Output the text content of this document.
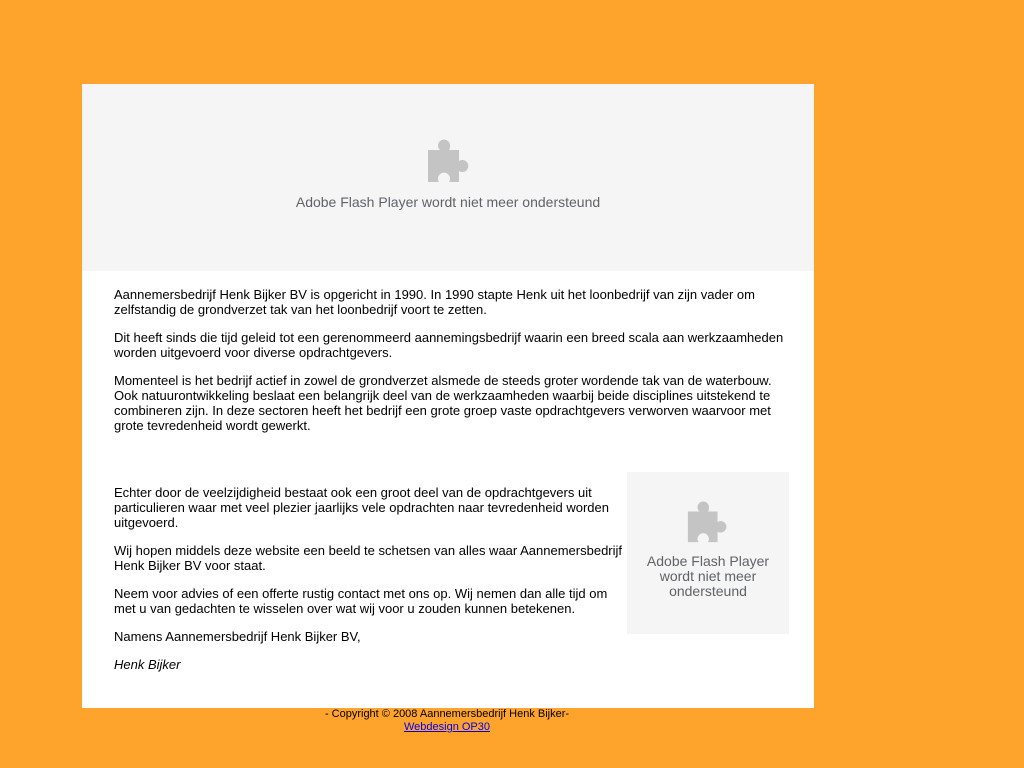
Adobe Flash Player wordt niet meer ondersteund

Aannemersbedrijf Henk Bijker BV is opgericht in 1990. In 1990 stapte Henk uit het loonbedrijf van zijn vader om zelfstandig de grondverzet tak van het loonbedrijf voort te zetten.

Dit heeft sinds die tijd geleid tot een gerenommeerd aannemingsbedrijf waarin een breed scala aan werkzaamheden worden uitgevoerd voor diverse opdrachtgevers.

Momenteel is het bedrijf actief in zowel de grondverzet alsmede de steeds groter wordende tak van de waterbouw. Ook natuurontwikkeling beslaat een belangrijk deel van de werkzaamheden waarbij beide disciplines uitstekend te combineren zijn. In deze sectoren heeft het bedrijf een grote groep vaste opdrachtgevers verworven waarvoor met grote tevredenheid wordt gewerkt.

Echter door de veelzijdigheid bestaat ook een groot deel van de opdrachtgevers uit particulieren waar met veel plezier jaarlijks vele opdrachten naar tevredenheid worden uitgevoerd.

Wij hopen middels deze website een beeld te schetsen van alles waar Aannemersbedrijf Henk Bijker BV voor staat.

Neem voor advies of een offerte rustig contact met ons op. Wij nemen dan alle tijd om met u van gedachten te wisselen over wat wij voor u zouden kunnen betekenen.

Namens Aannemersbedrijf Henk Bijker BV,

Henk Bijker

Adobe Flash Player wordt niet meer ondersteund
- Copyright © 2008 Aannemersbedrijf Henk Bijker-
Webdesign OP30
